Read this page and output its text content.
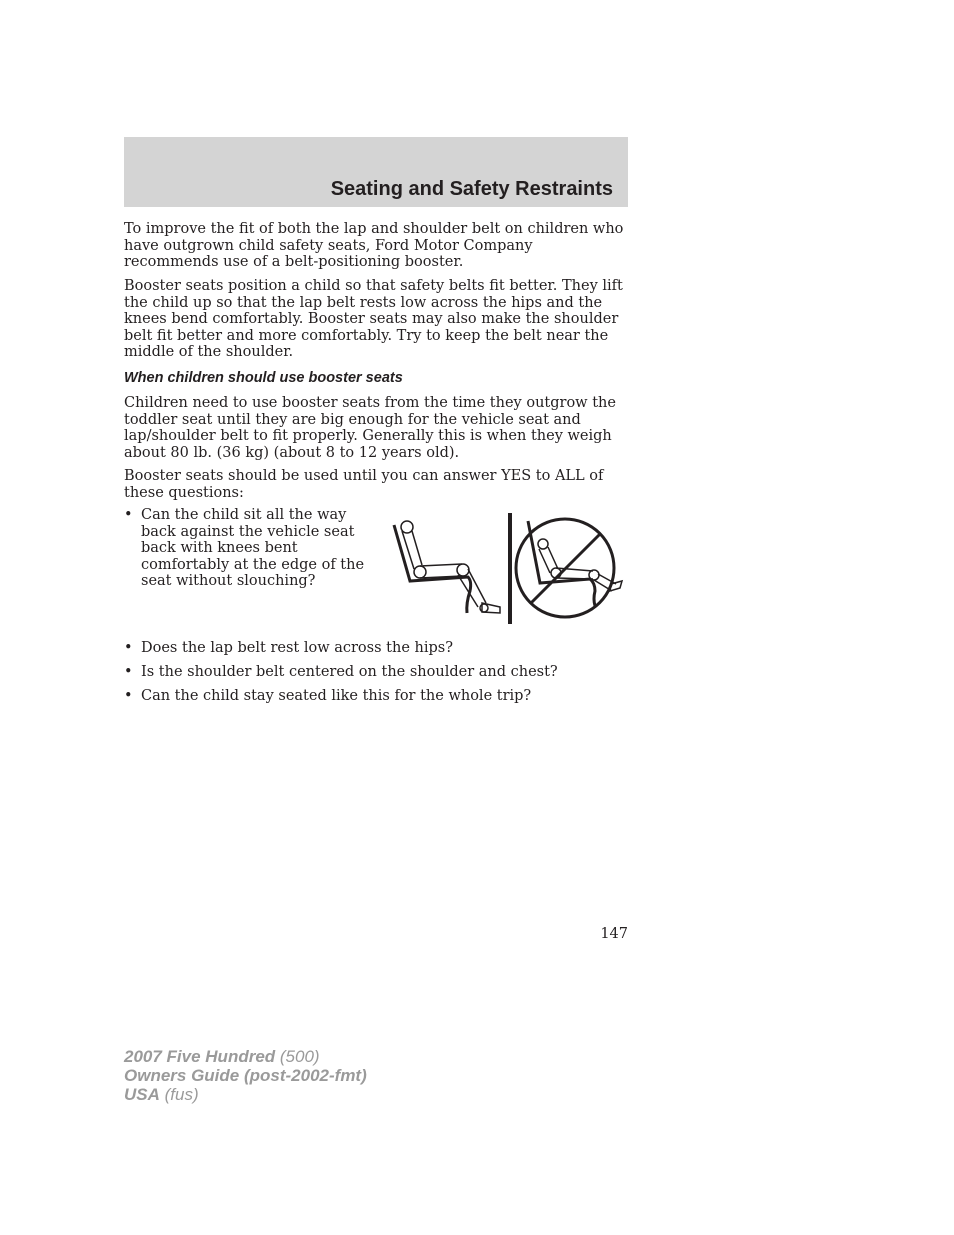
Seating and Safety Restraints

To improve the fit of both the lap and shoulder belt on children who have outgrown child safety seats, Ford Motor Company recommends use of a belt-positioning booster.

Booster seats position a child so that safety belts fit better. They lift the child up so that the lap belt rests low across the hips and the knees bend comfortably. Booster seats may also make the shoulder belt fit better and more comfortably. Try to keep the belt near the middle of the shoulder.

When children should use booster seats

Children need to use booster seats from the time they outgrow the toddler seat until they are big enough for the vehicle seat and lap/shoulder belt to fit properly. Generally this is when they weigh about 80 lb. (36 kg) (about 8 to 12 years old).

Booster seats should be used until you can answer YES to ALL of these questions:

• Can the child sit all the way back against the vehicle seat back with knees bent comfortably at the edge of the seat without slouching?
• Does the lap belt rest low across the hips?
• Is the shoulder belt centered on the shoulder and chest?
• Can the child stay seated like this for the whole trip?
147
2007 Five Hundred (500)
Owners Guide (post-2002-fmt)
USA (fus)
